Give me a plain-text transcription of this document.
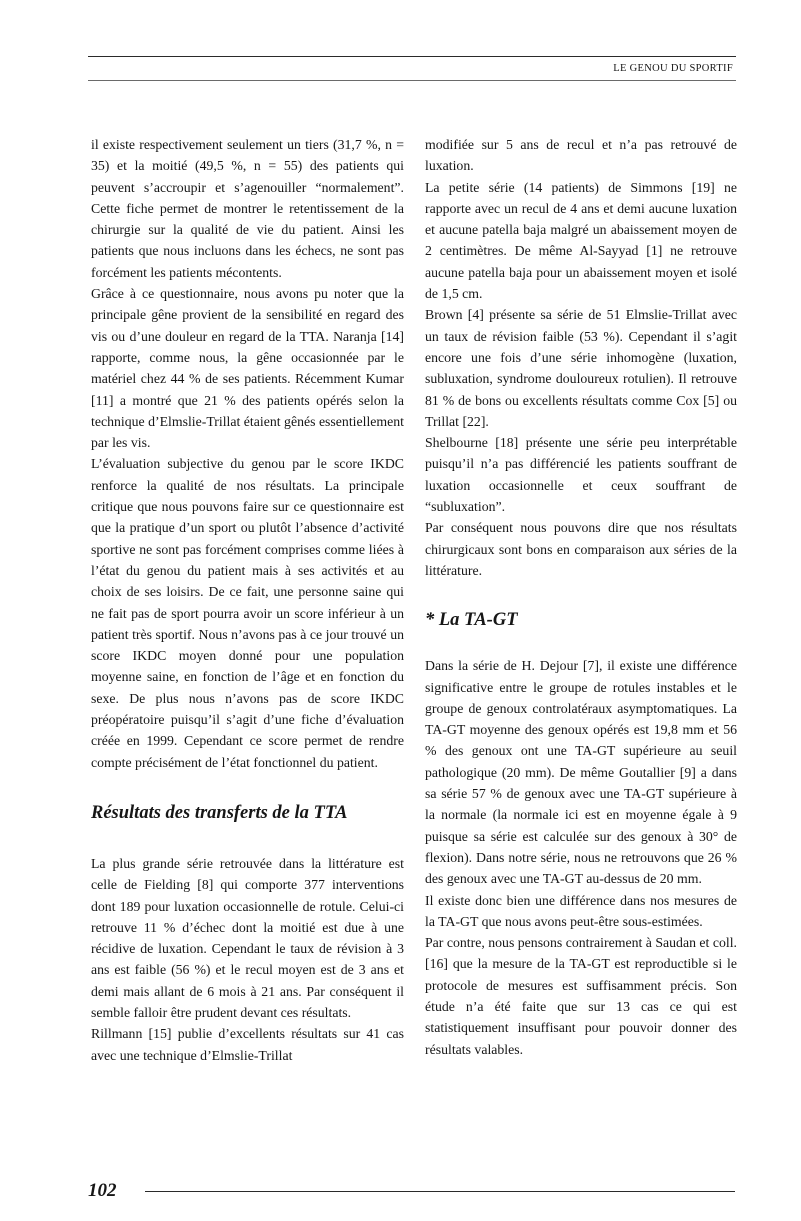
LE GENOU DU SPORTIF

il existe respectivement seulement un tiers (31,7 %, n = 35) et la moitié (49,5 %, n = 55) des patients qui peuvent s’accroupir et s’agenouiller “normalement”. Cette fiche permet de montrer le retentissement de la chirurgie sur la qualité de vie du patient. Ainsi les patients que nous incluons dans les échecs, ne sont pas forcément les patients mécontents.

Grâce à ce questionnaire, nous avons pu noter que la principale gêne provient de la sensibilité en regard des vis ou d’une douleur en regard de la TTA. Naranja [14] rapporte, comme nous, la gêne occasionnée par le matériel chez 44 % de ses patients. Récemment Kumar [11] a montré que 21 % des patients opérés selon la technique d’Elmslie-Trillat étaient gênés essentiellement par les vis.

L’évaluation subjective du genou par le score IKDC renforce la qualité de nos résultats. La principale critique que nous pouvons faire sur ce questionnaire est que la pratique d’un sport ou plutôt l’absence d’activité sportive ne sont pas forcément comprises comme liées à l’état du genou du patient mais à ses activités et au choix de ses loisirs. De ce fait, une personne saine qui ne fait pas de sport pourra avoir un score inférieur à un patient très sportif. Nous n’avons pas à ce jour trouvé un score IKDC moyen donné pour une population moyenne saine, en fonction de l’âge et en fonction du sexe. De plus nous n’avons pas de score IKDC préopératoire puisqu’il s’agit d’une fiche d’évaluation créée en 1999. Cependant ce score permet de rendre compte précisément de l’état fonctionnel du patient.

Résultats des transferts de la TTA

La plus grande série retrouvée dans la littérature est celle de Fielding [8] qui comporte 377 interventions dont 189 pour luxation occasionnelle de rotule. Celui-ci retrouve 11 % d’échec dont la moitié est due à une récidive de luxation. Cependant le taux de révision à 3 ans est faible (56 %) et le recul moyen est de 3 ans et demi mais allant de 6 mois à 21 ans. Par conséquent il semble falloir être prudent devant ces résultats.

Rillmann [15] publie d’excellents résultats sur 41 cas avec une technique d’Elmslie-Trillat

modifiée sur 5 ans de recul et n’a pas retrouvé de luxation.

La petite série (14 patients) de Simmons [19] ne rapporte avec un recul de 4 ans et demi aucune luxation et aucune patella baja malgré un abaissement moyen de 2 centimètres. De même Al-Sayyad [1] ne retrouve aucune patella baja pour un abaissement moyen et isolé de 1,5 cm.

Brown [4] présente sa série de 51 Elmslie-Trillat avec un taux de révision faible (53 %). Cependant il s’agit encore une fois d’une série inhomogène (luxation, subluxation, syndrome douloureux rotulien). Il retrouve 81 % de bons ou excellents résultats comme Cox [5] ou Trillat [22].

Shelbourne [18] présente une série peu interprétable puisqu’il n’a pas différencié les patients souffrant de luxation occasionnelle et ceux souffrant de “subluxation”.

Par conséquent nous pouvons dire que nos résultats chirurgicaux sont bons en comparaison aux séries de la littérature.

* La TA-GT

Dans la série de H. Dejour [7], il existe une différence significative entre le groupe de rotules instables et le groupe de genoux controlatéraux asymptomatiques. La TA-GT moyenne des genoux opérés est 19,8 mm et 56 % des genoux ont une TA-GT supérieure au seuil pathologique (20 mm). De même Goutallier [9] a dans sa série 57 % de genoux avec une TA-GT supérieure à la normale (la normale ici est en moyenne égale à 9 puisque sa série est calculée sur des genoux à 30° de flexion). Dans notre série, nous ne retrouvons que 26 % des genoux avec une TA-GT au-dessus de 20 mm.

Il existe donc bien une différence dans nos mesures de la TA-GT que nous avons peut-être sous-estimées.

Par contre, nous pensons contrairement à Saudan et coll. [16] que la mesure de la TA-GT est reproductible si le protocole de mesures est suffisamment précis. Son étude n’a été faite que sur 13 cas ce qui est statistiquement insuffisant pour pouvoir donner des résultats valables.

102
